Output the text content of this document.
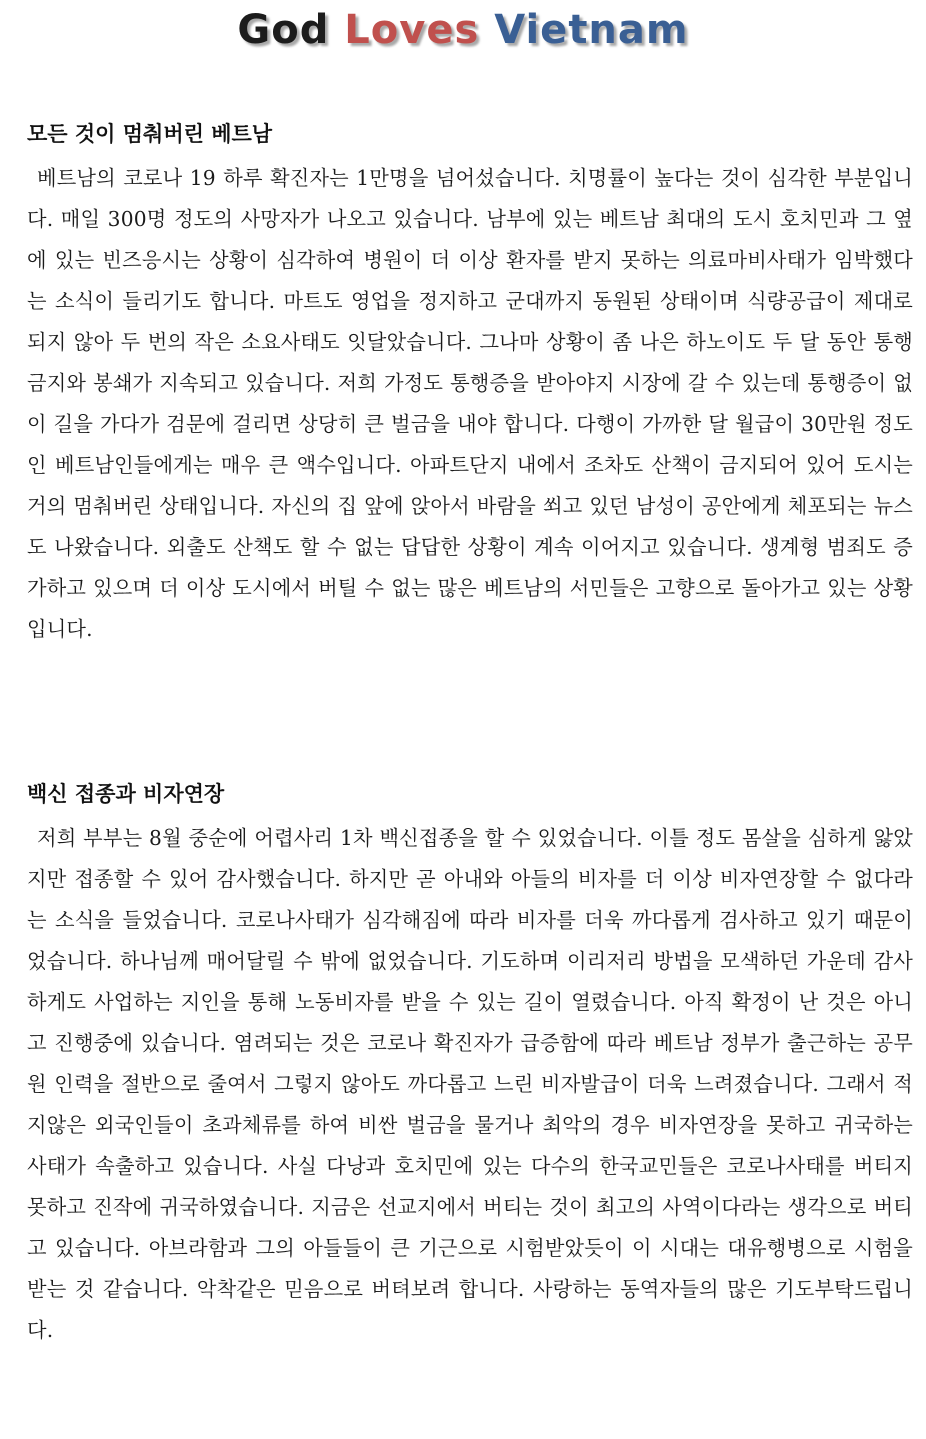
God Loves Vietnam
모든 것이 멈춰버린 베트남

베트남의 코로나 19 하루 확진자는 1만명을 넘어섰습니다. 치명률이 높다는 것이 심각한 부분입니다. 매일 300명 정도의 사망자가 나오고 있습니다. 남부에 있는 베트남 최대의 도시 호치민과 그 옆에 있는 빈즈응시는 상황이 심각하여 병원이 더 이상 환자를 받지 못하는 의료마비사태가 임박했다는 소식이 들리기도 합니다. 마트도 영업을 정지하고 군대까지 동원된 상태이며 식량공급이 제대로 되지 않아 두 번의 작은 소요사태도 잇달았습니다. 그나마 상황이 좀 나은 하노이도 두 달 동안 통행금지와 봉쇄가 지속되고 있습니다. 저희 가정도 통행증을 받아야지 시장에 갈 수 있는데 통행증이 없이 길을 가다가 검문에 걸리면 상당히 큰 벌금을 내야 합니다. 다행이 가까한 달 월급이 30만원 정도인 베트남인들에게는 매우 큰 액수입니다. 아파트단지 내에서 조차도 산책이 금지되어 있어 도시는 거의 멈춰버린 상태입니다. 자신의 집 앞에 앉아서 바람을 쐬고 있던 남성이 공안에게 체포되는 뉴스도 나왔습니다. 외출도 산책도 할 수 없는 답답한 상황이 계속 이어지고 있습니다. 생계형 범죄도 증가하고 있으며 더 이상 도시에서 버틸 수 없는 많은 베트남의 서민들은 고향으로 돌아가고 있는 상황입니다.

백신 접종과 비자연장

저희 부부는 8월 중순에 어렵사리 1차 백신접종을 할 수 있었습니다. 이틀 정도 몸살을 심하게 앓았지만 접종할 수 있어 감사했습니다. 하지만 곧 아내와 아들의 비자를 더 이상 비자연장할 수 없다라는 소식을 들었습니다. 코로나사태가 심각해짐에 따라 비자를 더욱 까다롭게 검사하고 있기 때문이었습니다. 하나님께 매어달릴 수 밖에 없었습니다. 기도하며 이리저리 방법을 모색하던 가운데 감사하게도 사업하는 지인을 통해 노동비자를 받을 수 있는 길이 열렸습니다. 아직 확정이 난 것은 아니고 진행중에 있습니다. 염려되는 것은 코로나 확진자가 급증함에 따라 베트남 정부가 출근하는 공무원 인력을 절반으로 줄여서 그렇지 않아도 까다롭고 느린 비자발급이 더욱 느려졌습니다. 그래서 적지않은 외국인들이 초과체류를 하여 비싼 벌금을 물거나 최악의 경우 비자연장을 못하고 귀국하는 사태가 속출하고 있습니다. 사실 다낭과 호치민에 있는 다수의 한국교민들은 코로나사태를 버티지 못하고 진작에 귀국하였습니다. 지금은 선교지에서 버티는 것이 최고의 사역이다라는 생각으로 버티고 있습니다. 아브라함과 그의 아들들이 큰 기근으로 시험받았듯이 이 시대는 대유행병으로 시험을 받는 것 같습니다. 악착같은 믿음으로 버텨보려 합니다. 사랑하는 동역자들의 많은 기도부탁드립니다.
